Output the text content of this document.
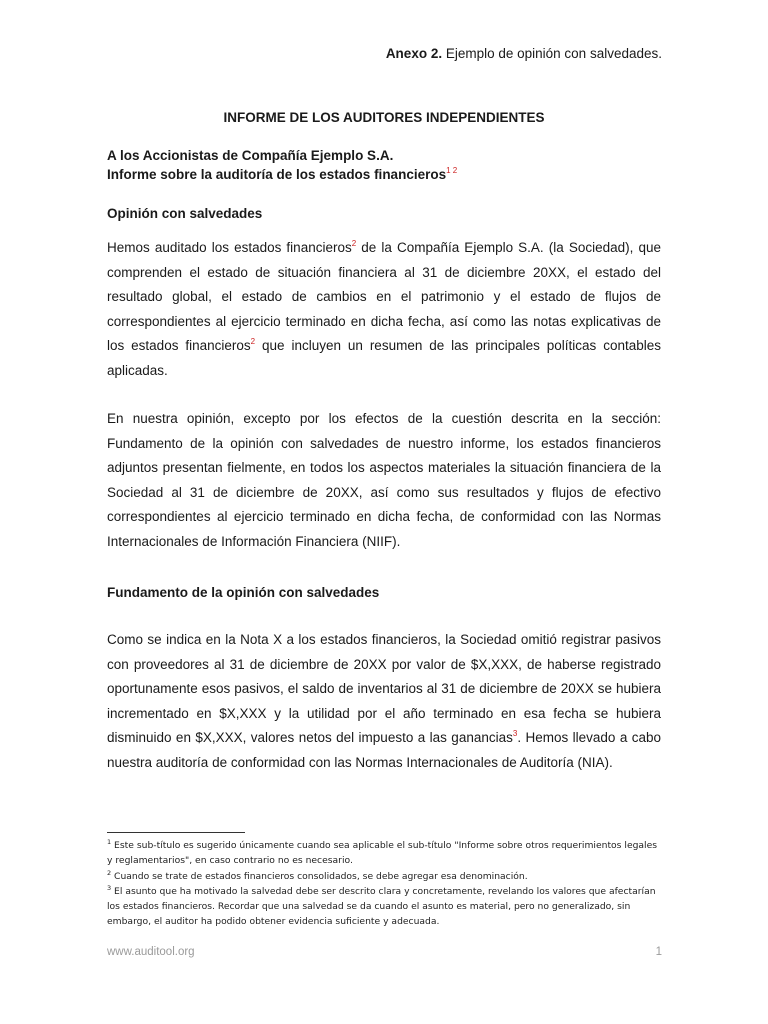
Anexo 2. Ejemplo de opinión con salvedades.
INFORME DE LOS AUDITORES INDEPENDIENTES
A los Accionistas de Compañía Ejemplo S.A.
Informe sobre la auditoría de los estados financieros$^{1 2}$
Opinión con salvedades
Hemos auditado los estados financieros$^2$ de la Compañía Ejemplo S.A. (la Sociedad), que comprenden el estado de situación financiera al 31 de diciembre 20XX, el estado del resultado global, el estado de cambios en el patrimonio y el estado de flujos de correspondientes al ejercicio terminado en dicha fecha, así como las notas explicativas de los estados financieros$^2$ que incluyen un resumen de las principales políticas contables aplicadas.
En nuestra opinión, excepto por los efectos de la cuestión descrita en la sección: Fundamento de la opinión con salvedades de nuestro informe, los estados financieros adjuntos presentan fielmente, en todos los aspectos materiales la situación financiera de la Sociedad al 31 de diciembre de 20XX, así como sus resultados y flujos de efectivo correspondientes al ejercicio terminado en dicha fecha, de conformidad con las Normas Internacionales de Información Financiera (NIIF).
Fundamento de la opinión con salvedades
Como se indica en la Nota X a los estados financieros, la Sociedad omitió registrar pasivos con proveedores al 31 de diciembre de 20XX por valor de $X,XXX, de haberse registrado oportunamente esos pasivos, el saldo de inventarios al 31 de diciembre de 20XX se hubiera incrementado en $X,XXX y la utilidad por el año terminado en esa fecha se hubiera disminuido en $X,XXX, valores netos del impuesto a las ganancias$^3$. Hemos llevado a cabo nuestra auditoría de conformidad con las Normas Internacionales de Auditoría (NIA).

$^1$ Este sub-título es sugerido únicamente cuando sea aplicable el sub-título "Informe sobre otros requerimientos legales y reglamentarios", en caso contrario no es necesario.

$^2$ Cuando se trate de estados financieros consolidados, se debe agregar esa denominación.

$^3$ El asunto que ha motivado la salvedad debe ser descrito clara y concretamente, revelando los valores que afectarían los estados financieros. Recordar que una salvedad se da cuando el asunto es material, pero no generalizado, sin embargo, el auditor ha podido obtener evidencia suficiente y adecuada.

www.auditool.org	1
